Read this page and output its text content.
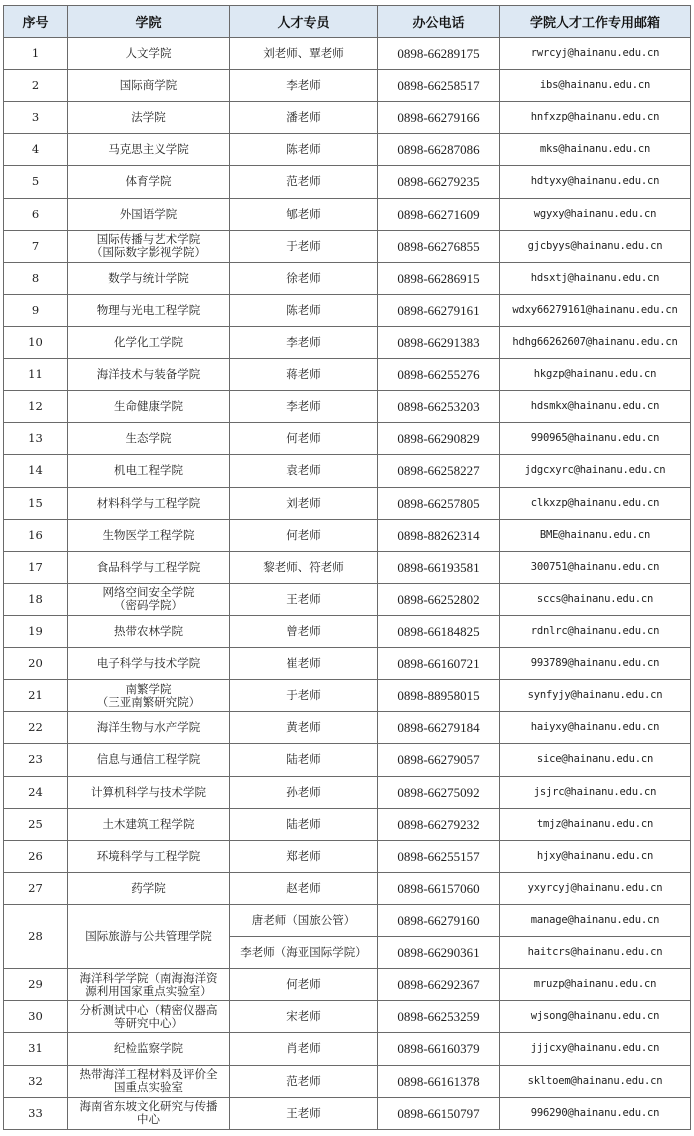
序号	学院	人才专员	办公电话	学院人才工作专用邮箱
1	人文学院	刘老师、覃老师	0898-66289175	rwrcyj@hainanu.edu.cn
2	国际商学院	李老师	0898-66258517	ibs@hainanu.edu.cn
3	法学院	潘老师	0898-66279166	hnfxzp@hainanu.edu.cn
4	马克思主义学院	陈老师	0898-66287086	mks@hainanu.edu.cn
5	体育学院	范老师	0898-66279235	hdtyxy@hainanu.edu.cn
6	外国语学院	郇老师	0898-66271609	wgyxy@hainanu.edu.cn
7	国际传播与艺术学院
（国际数字影视学院）	于老师	0898-66276855	gjcbyys@hainanu.edu.cn
8	数学与统计学院	徐老师	0898-66286915	hdsxtj@hainanu.edu.cn
9	物理与光电工程学院	陈老师	0898-66279161	wdxy66279161@hainanu.edu.cn
10	化学化工学院	李老师	0898-66291383	hdhg66262607@hainanu.edu.cn
11	海洋技术与装备学院	蒋老师	0898-66255276	hkgzp@hainanu.edu.cn
12	生命健康学院	李老师	0898-66253203	hdsmkx@hainanu.edu.cn
13	生态学院	何老师	0898-66290829	990965@hainanu.edu.cn
14	机电工程学院	袁老师	0898-66258227	jdgcxyrc@hainanu.edu.cn
15	材料科学与工程学院	刘老师	0898-66257805	clkxzp@hainanu.edu.cn
16	生物医学工程学院	何老师	0898-88262314	BME@hainanu.edu.cn
17	食品科学与工程学院	黎老师、符老师	0898-66193581	300751@hainanu.edu.cn
18	网络空间安全学院
（密码学院）	王老师	0898-66252802	sccs@hainanu.edu.cn
19	热带农林学院	曾老师	0898-66184825	rdnlrc@hainanu.edu.cn
20	电子科学与技术学院	崔老师	0898-66160721	993789@hainanu.edu.cn
21	南繁学院
（三亚南繁研究院）	于老师	0898-88958015	synfyjy@hainanu.edu.cn
22	海洋生物与水产学院	黄老师	0898-66279184	haiyxy@hainanu.edu.cn
23	信息与通信工程学院	陆老师	0898-66279057	sice@hainanu.edu.cn
24	计算机科学与技术学院	孙老师	0898-66275092	jsjrc@hainanu.edu.cn
25	土木建筑工程学院	陆老师	0898-66279232	tmjz@hainanu.edu.cn
26	环境科学与工程学院	郑老师	0898-66255157	hjxy@hainanu.edu.cn
27	药学院	赵老师	0898-66157060	yxyrcyj@hainanu.edu.cn
28	国际旅游与公共管理学院	唐老师（国旅公管）	0898-66279160	manage@hainanu.edu.cn
		李老师（海亚国际学院）	0898-66290361	haitcrs@hainanu.edu.cn
29	海洋科学学院（南海海洋资
源利用国家重点实验室）	何老师	0898-66292367	mruzp@hainanu.edu.cn
30	分析测试中心（精密仪器高
等研究中心）	宋老师	0898-66253259	wjsong@hainanu.edu.cn
31	纪检监察学院	肖老师	0898-66160379	jjjcxy@hainanu.edu.cn
32	热带海洋工程材料及评价全
国重点实验室	范老师	0898-66161378	skltoem@hainanu.edu.cn
33	海南省东坡文化研究与传播
中心	王老师	0898-66150797	996290@hainanu.edu.cn
